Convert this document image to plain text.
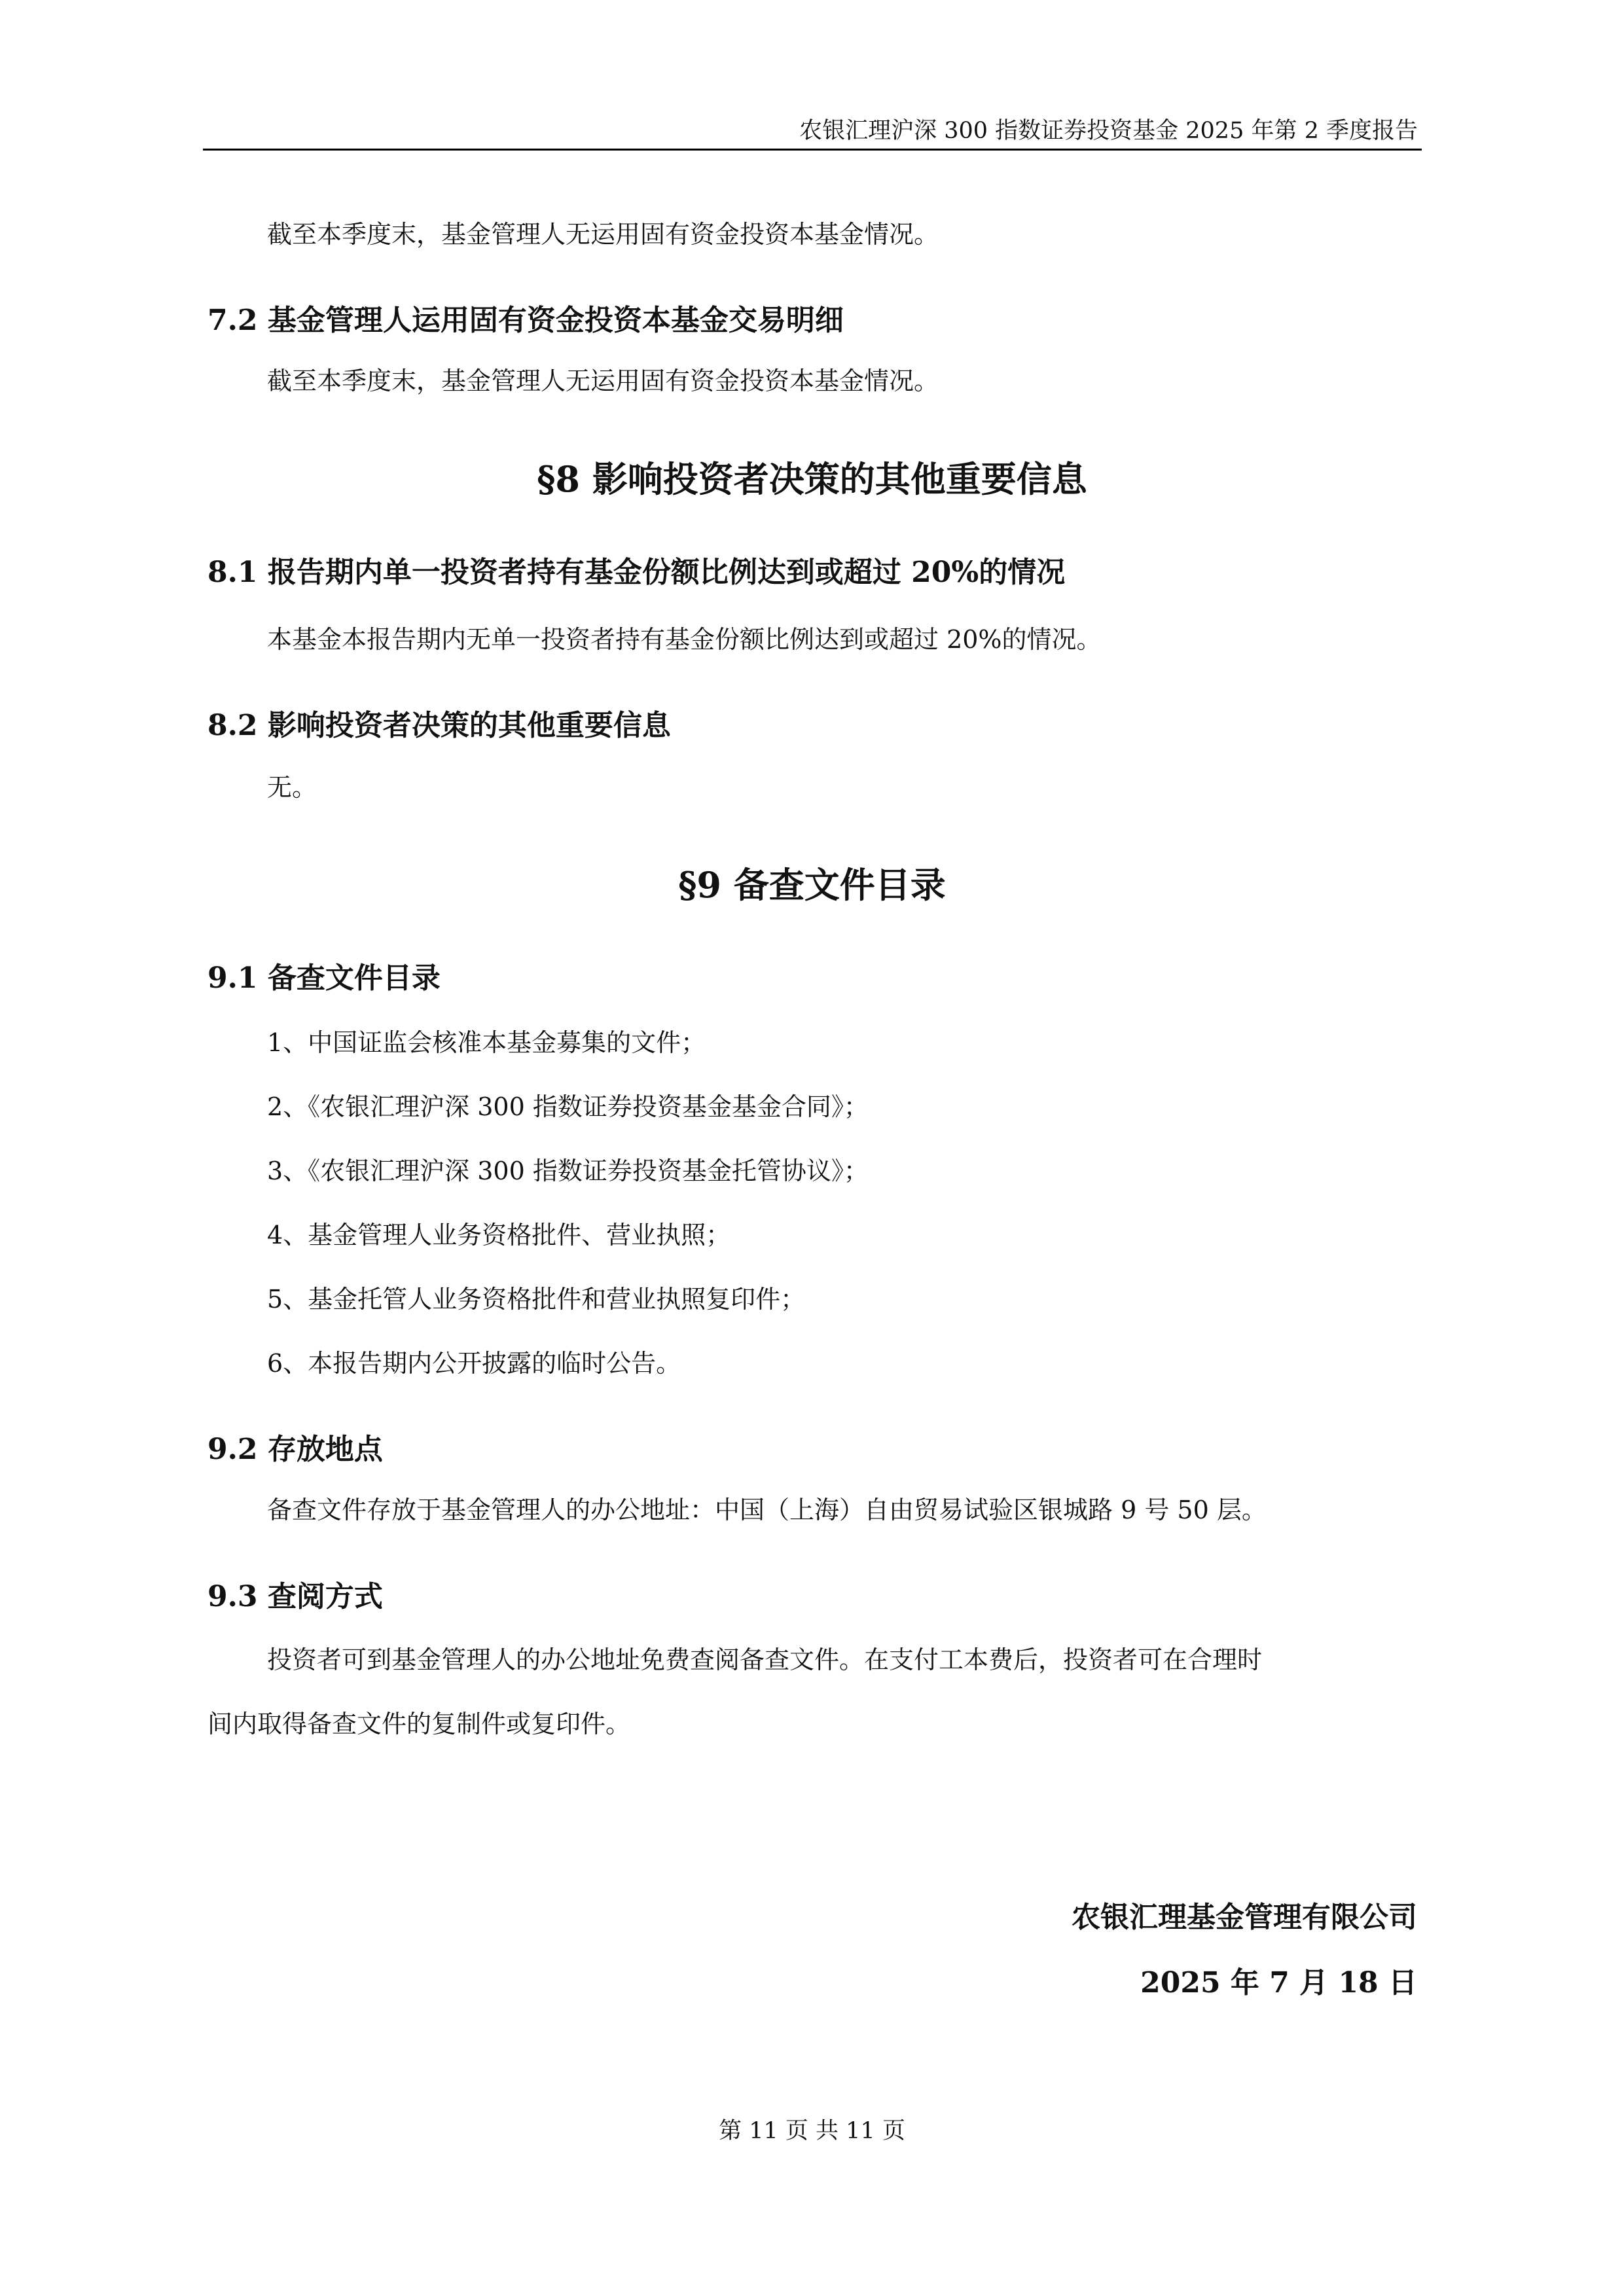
农银汇理沪深 300 指数证券投资基金 2025 年第 2 季度报告
截至本季度末，基金管理人无运用固有资金投资本基金情况。
7.2 基金管理人运用固有资金投资本基金交易明细
截至本季度末，基金管理人无运用固有资金投资本基金情况。
§8 影响投资者决策的其他重要信息
8.1 报告期内单一投资者持有基金份额比例达到或超过 20%的情况
本基金本报告期内无单一投资者持有基金份额比例达到或超过 20%的情况。
8.2 影响投资者决策的其他重要信息
无。
§9 备查文件目录
9.1 备查文件目录
1、中国证监会核准本基金募集的文件；
2、《农银汇理沪深 300 指数证券投资基金基金合同》；
3、《农银汇理沪深 300 指数证券投资基金托管协议》；
4、基金管理人业务资格批件、营业执照；
5、基金托管人业务资格批件和营业执照复印件；
6、本报告期内公开披露的临时公告。
9.2 存放地点
备查文件存放于基金管理人的办公地址：中国（上海）自由贸易试验区银城路 9 号 50 层。
9.3 查阅方式
投资者可到基金管理人的办公地址免费查阅备查文件。在支付工本费后，投资者可在合理时
间内取得备查文件的复制件或复印件。
农银汇理基金管理有限公司
2025 年 7 月 18 日
第 11 页 共 11 页
